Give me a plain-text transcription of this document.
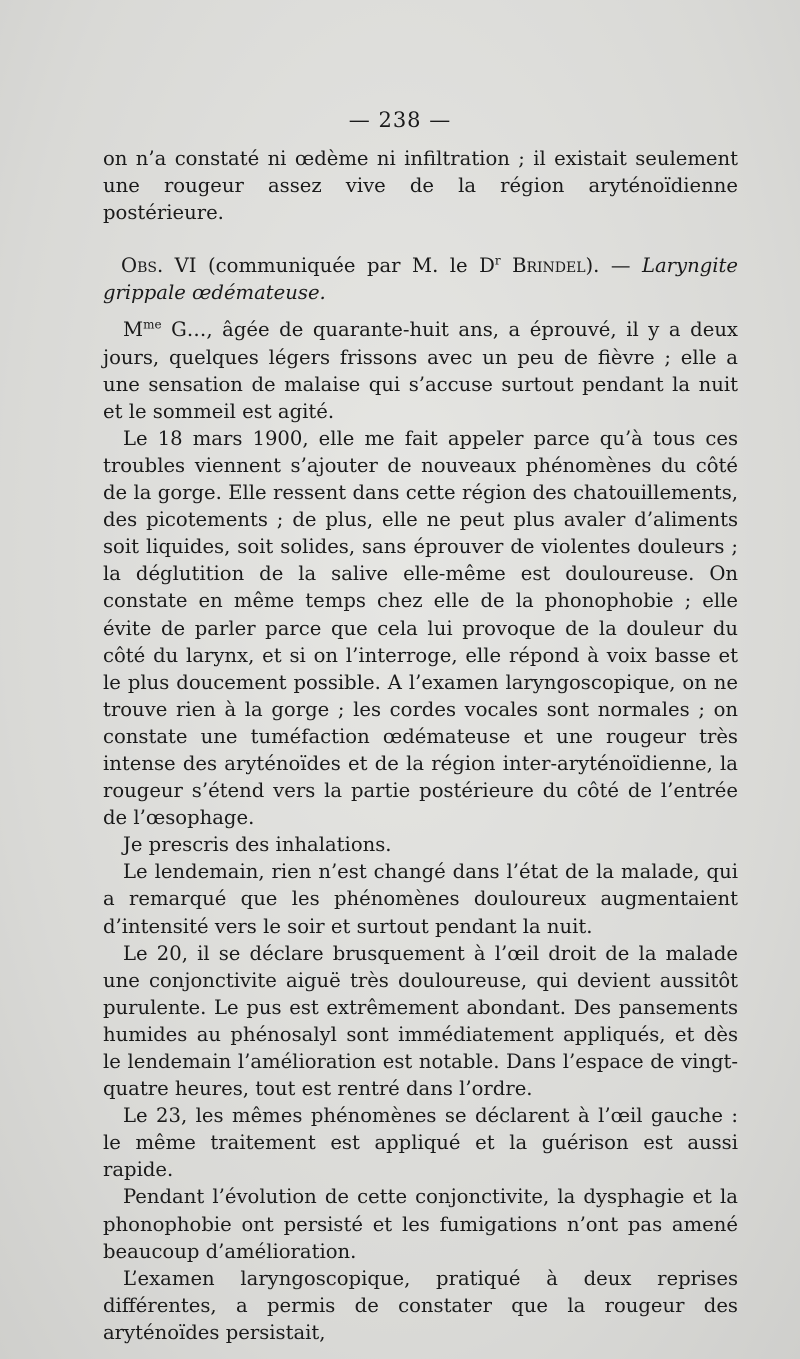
— 238 —

on n’a constaté ni œdème ni infiltration ; il existait seulement une rougeur assez vive de la région aryténoïdienne postérieure.

Obs. VI (communiquée par M. le $D^r$ Brindel). — Laryngite grippale œdémateuse.

$M^{me}$ G…, âgée de quarante-huit ans, a éprouvé, il y a deux jours, quelques légers frissons avec un peu de fièvre ; elle a une sensation de malaise qui s’accuse surtout pendant la nuit et le sommeil est agité.

Le 18 mars 1900, elle me fait appeler parce qu’à tous ces troubles viennent s’ajouter de nouveaux phénomènes du côté de la gorge. Elle ressent dans cette région des chatouillements, des picotements ; de plus, elle ne peut plus avaler d’aliments soit liquides, soit solides, sans éprouver de violentes douleurs ; la déglutition de la salive elle-même est douloureuse. On constate en même temps chez elle de la phonophobie ; elle évite de parler parce que cela lui provoque de la douleur du côté du larynx, et si on l’interroge, elle répond à voix basse et le plus doucement possible. A l’examen laryngoscopique, on ne trouve rien à la gorge ; les cordes vocales sont normales ; on constate une tuméfaction œdémateuse et une rougeur très intense des aryténoïdes et de la région inter-aryténoïdienne, la rougeur s’étend vers la partie postérieure du côté de l’entrée de l’œsophage.

Je prescris des inhalations.

Le lendemain, rien n’est changé dans l’état de la malade, qui a remarqué que les phénomènes douloureux augmentaient d’intensité vers le soir et surtout pendant la nuit.

Le 20, il se déclare brusquement à l’œil droit de la malade une conjonctivite aiguë très douloureuse, qui devient aussitôt purulente. Le pus est extrêmement abondant. Des pansements humides au phénosalyl sont immédiatement appliqués, et dès le lendemain l’amélioration est notable. Dans l’espace de vingt-quatre heures, tout est rentré dans l’ordre.

Le 23, les mêmes phénomènes se déclarent à l’œil gauche : le même traitement est appliqué et la guérison est aussi rapide.

Pendant l’évolution de cette conjonctivite, la dysphagie et la phonophobie ont persisté et les fumigations n’ont pas amené beaucoup d’amélioration.

L’examen laryngoscopique, pratiqué à deux reprises différentes, a permis de constater que la rougeur des aryténoïdes persistait,
